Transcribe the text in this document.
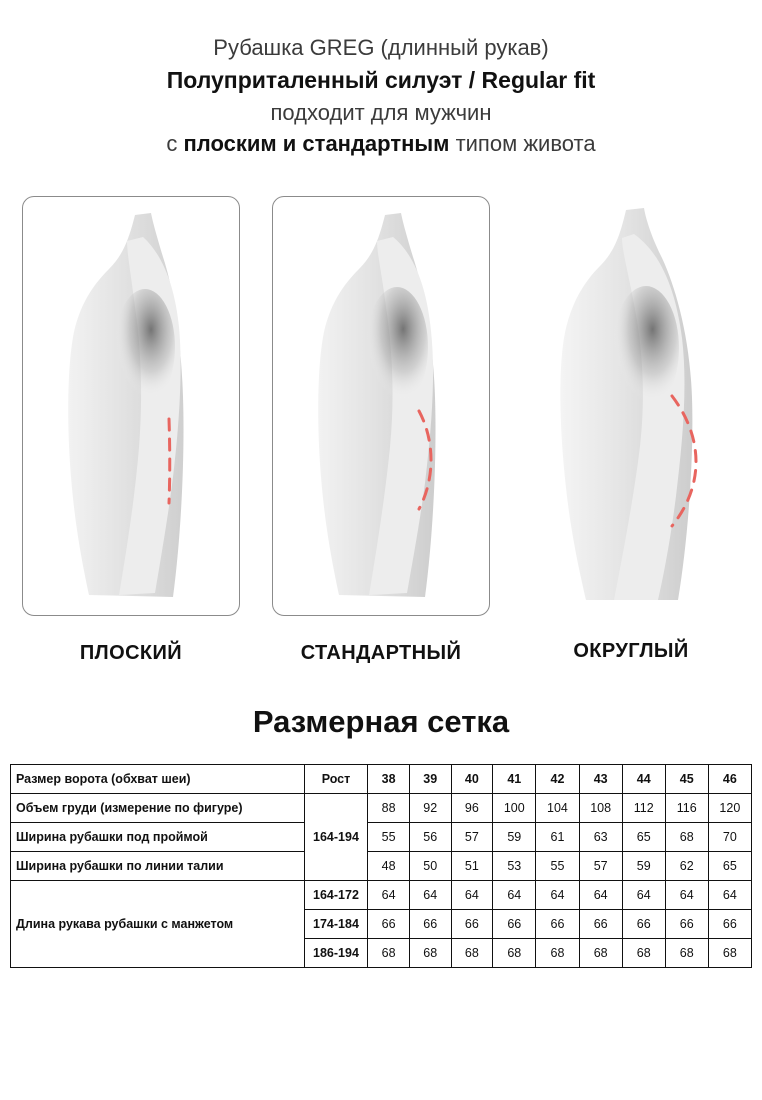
Рубашка GREG (длинный рукав)
Полуприталенный силуэт / Regular fit
подходит для мужчин
с плоским и стандартным типом живота
ПЛОСКИЙ	СТАНДАРТНЫЙ	ОКРУГЛЫЙ
Размерная сетка
Размер ворота (обхват шеи)	Рост	38	39	40	41	42	43	44	45	46
Объем груди (измерение по фигуре)	164-194	88	92	96	100	104	108	112	116	120
Ширина рубашки под проймой		55	56	57	59	61	63	65	68	70
Ширина рубашки по линии талии		48	50	51	53	55	57	59	62	65
Длина рукава рубашки с манжетом	164-172	64	64	64	64	64	64	64	64	64
	174-184	66	66	66	66	66	66	66	66	66
	186-194	68	68	68	68	68	68	68	68	68
